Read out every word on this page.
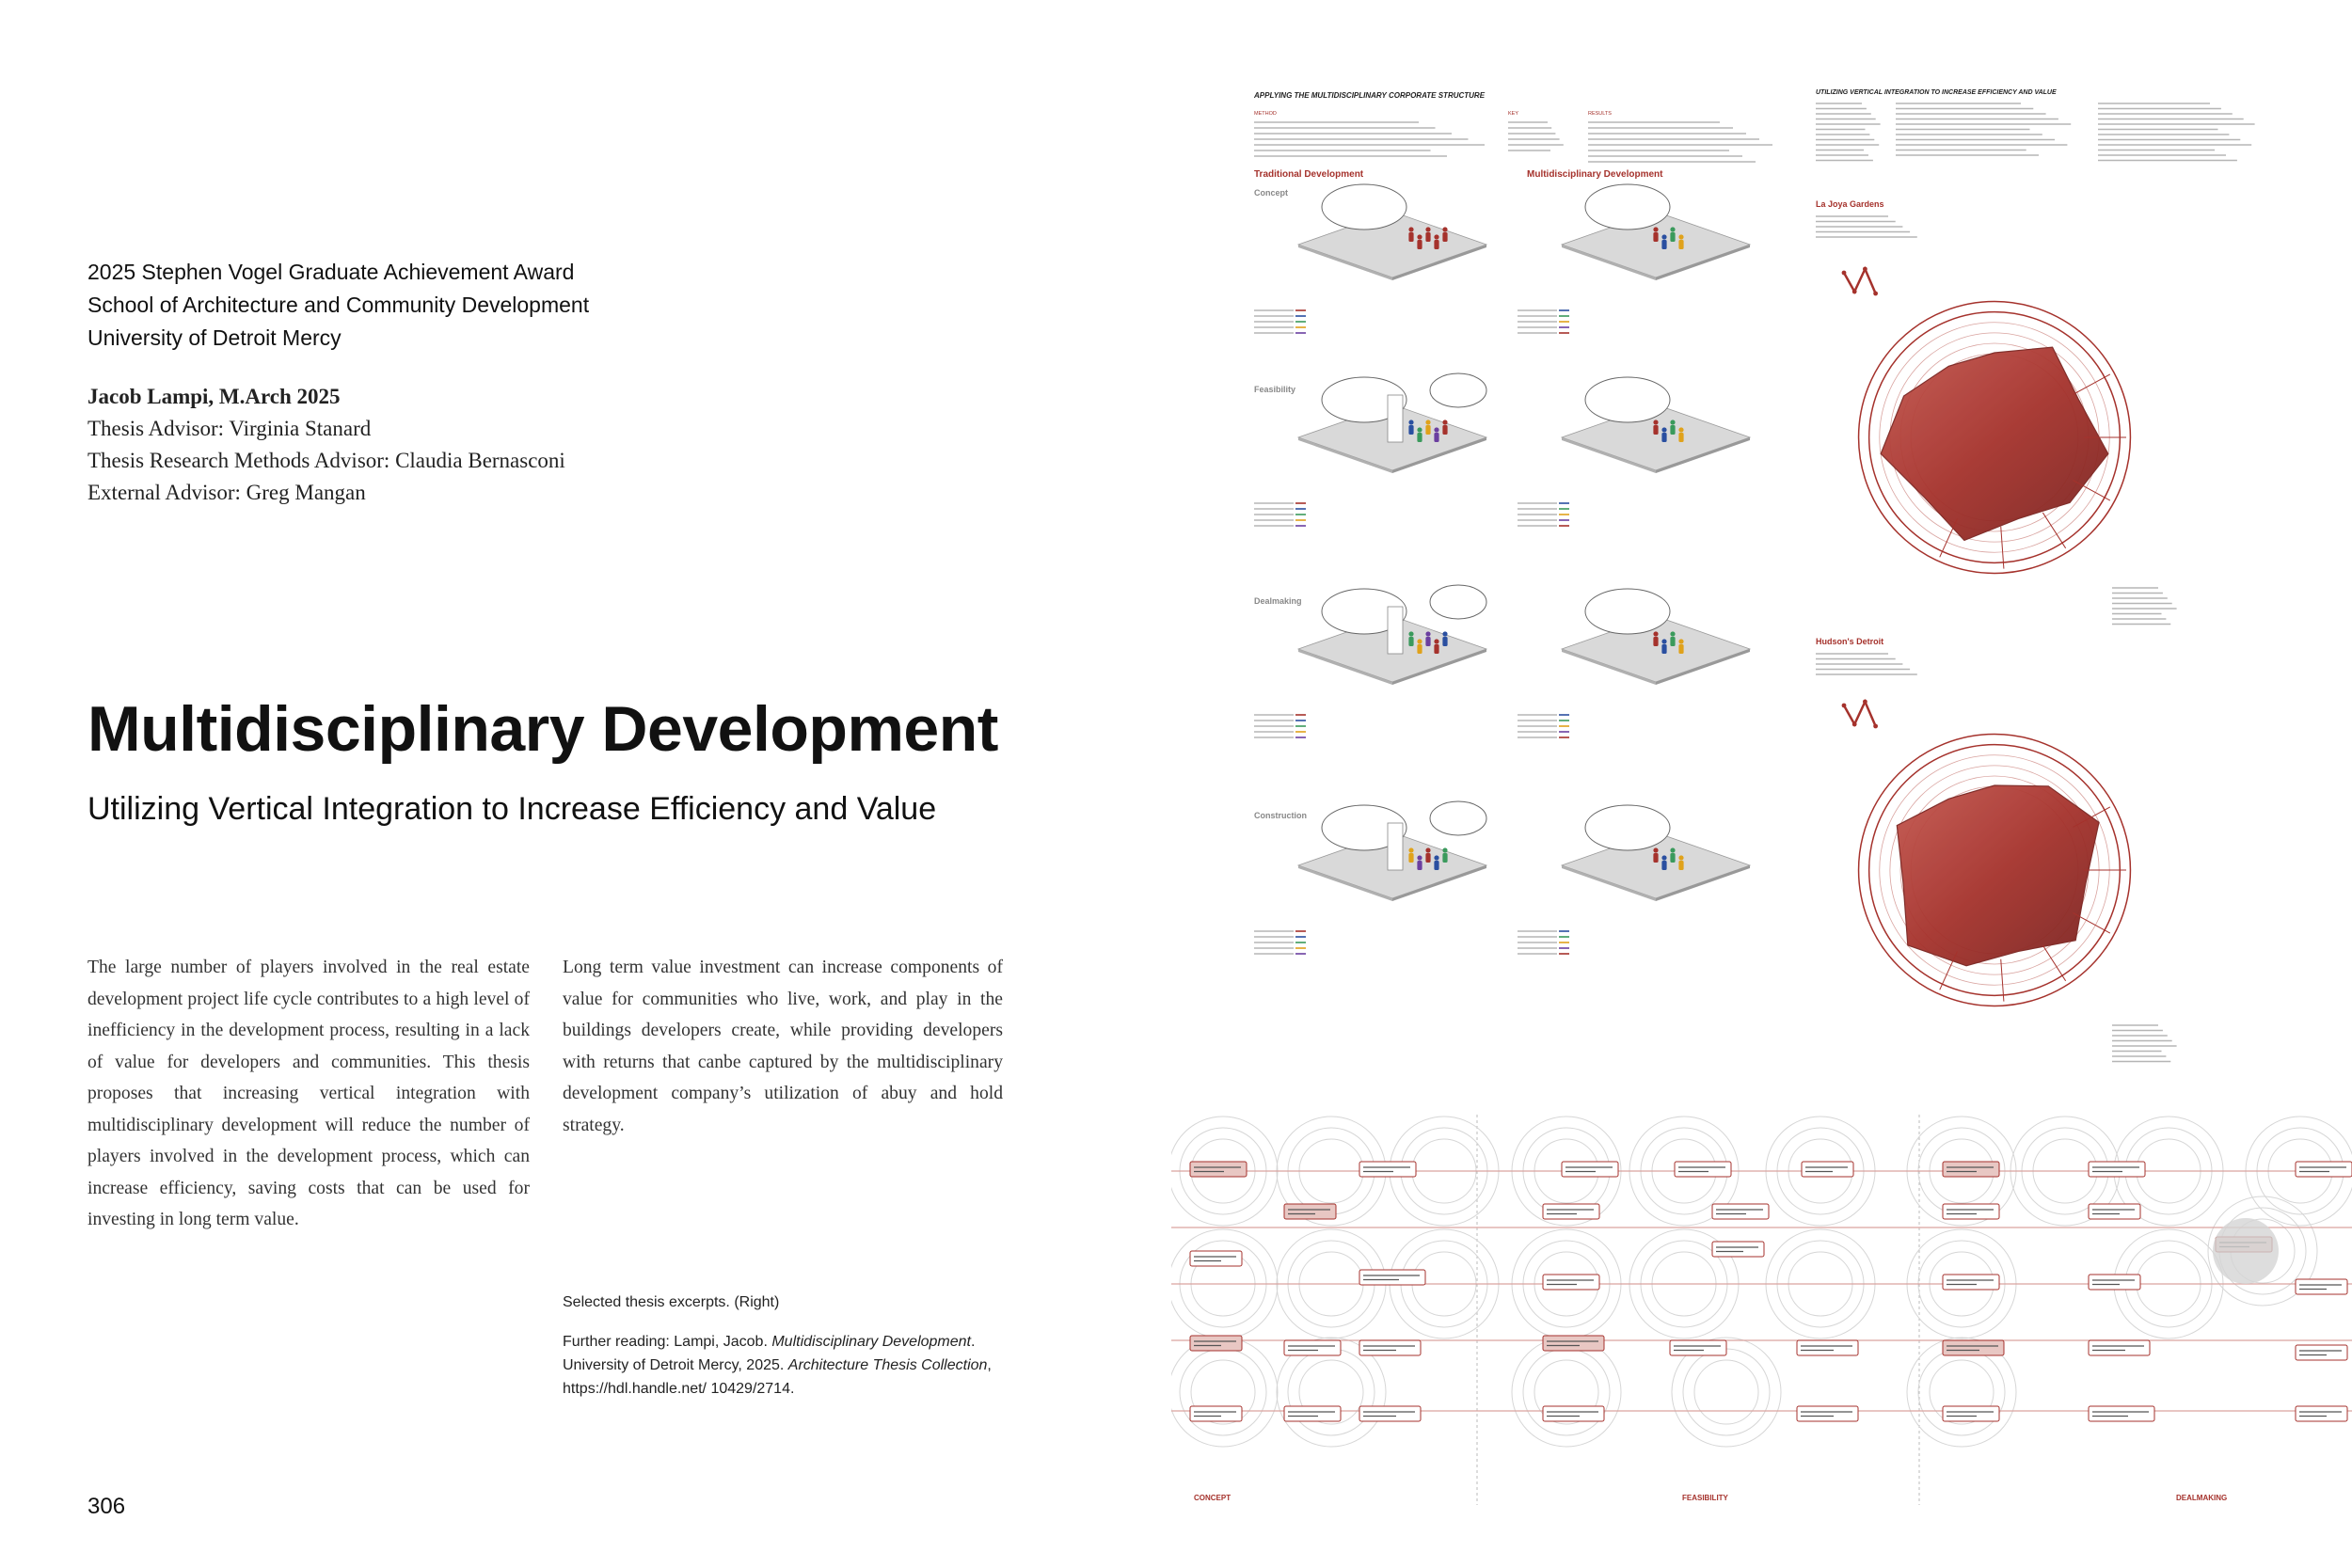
2025 Stephen Vogel Graduate Achievement Award
School of Architecture and Community Development
University of Detroit Mercy
Jacob Lampi, M.Arch 2025
Thesis Advisor: Virginia Stanard
Thesis Research Methods Advisor: Claudia Bernasconi
External Advisor: Greg Mangan
Multidisciplinary Development
Utilizing Vertical Integration to Increase Efficiency and Value

The large number of players involved in the real estate development project life cycle contributes to a high level of inefficiency in the development process, resulting in a lack of value for developers and communities. This thesis proposes that increasing vertical integration with multidisciplinary development will reduce the number of players involved in the development process, which can increase efficiency, saving costs that can be used for investing in long term value.

Long term value investment can increase components of value for communities who live, work, and play in the buildings developers create, while providing developers with returns that canbe captured by the multidisciplinary development company’s utilization of abuy and hold strategy.

Selected thesis excerpts. (Right)
Further reading: Lampi, Jacob. Multidisciplinary Development. University of Detroit Mercy, 2025. Architecture Thesis Collection, https://hdl.handle.net/ 10429/2714.
306
APPLYING THE MULTIDISCIPLINARY CORPORATE STRUCTURE	UTILIZING VERTICAL INTEGRATION TO INCREASE EFFICIENCY AND VALUE
METHOD	KEY	RESULTS
Traditional Development	Multidisciplinary Development
Concept
Feasibility
Dealmaking
Construction
La Joya Gardens
Hudson's Detroit
CONCEPT	FEASIBILITY	DEALMAKING
